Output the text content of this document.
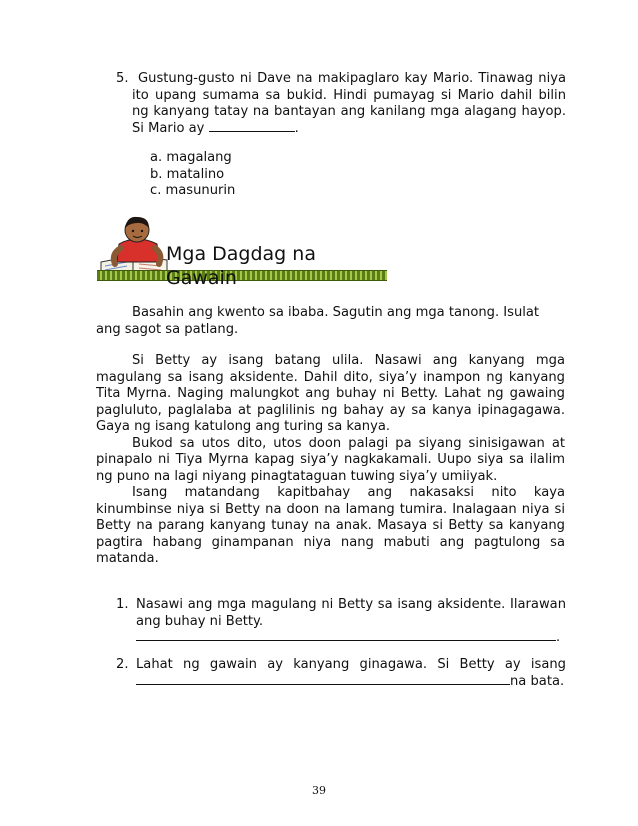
5. Gustung-gusto ni Dave na makipaglaro kay Mario. Tinawag niya
ito upang sumama sa bukid. Hindi pumayag si Mario dahil bilin
ng kanyang tatay na bantayan ang kanilang mga alagang hayop.
Si Mario ay	.
a. magalang
b. matalino
c. masunurin
Mga Dagdag na Gawain
Basahin ang kwento sa ibaba. Sagutin ang mga tanong. Isulat
ang sagot sa patlang.
Si Betty ay isang batang ulila. Nasawi ang kanyang mga
magulang sa isang aksidente. Dahil dito, siya’y inampon ng kanyang
Tita Myrna. Naging malungkot ang buhay ni Betty. Lahat ng gawaing
pagluluto, paglalaba at paglilinis ng bahay ay sa kanya ipinagagawa.
Gaya ng isang katulong ang turing sa kanya.
Bukod sa utos dito, utos doon palagi pa siyang sinisigawan at
pinapalo ni Tiya Myrna kapag siya’y nagkakamali. Uupo siya sa ilalim
ng puno na lagi niyang pinagtataguan tuwing siya’y umiiyak.
Isang matandang kapitbahay ang nakasaksi nito kaya
kinumbinse niya si Betty na doon na lamang tumira. Inalagaan niya si
Betty na parang kanyang tunay na anak. Masaya si Betty sa kanyang
pagtira habang ginampanan niya nang mabuti ang pagtulong sa
matanda.
1. Nasawi ang mga magulang ni Betty sa isang aksidente. Ilarawan
ang buhay ni Betty.
.
2. Lahat ng gawain ay kanyang ginagawa. Si Betty ay isang
na bata.
39
